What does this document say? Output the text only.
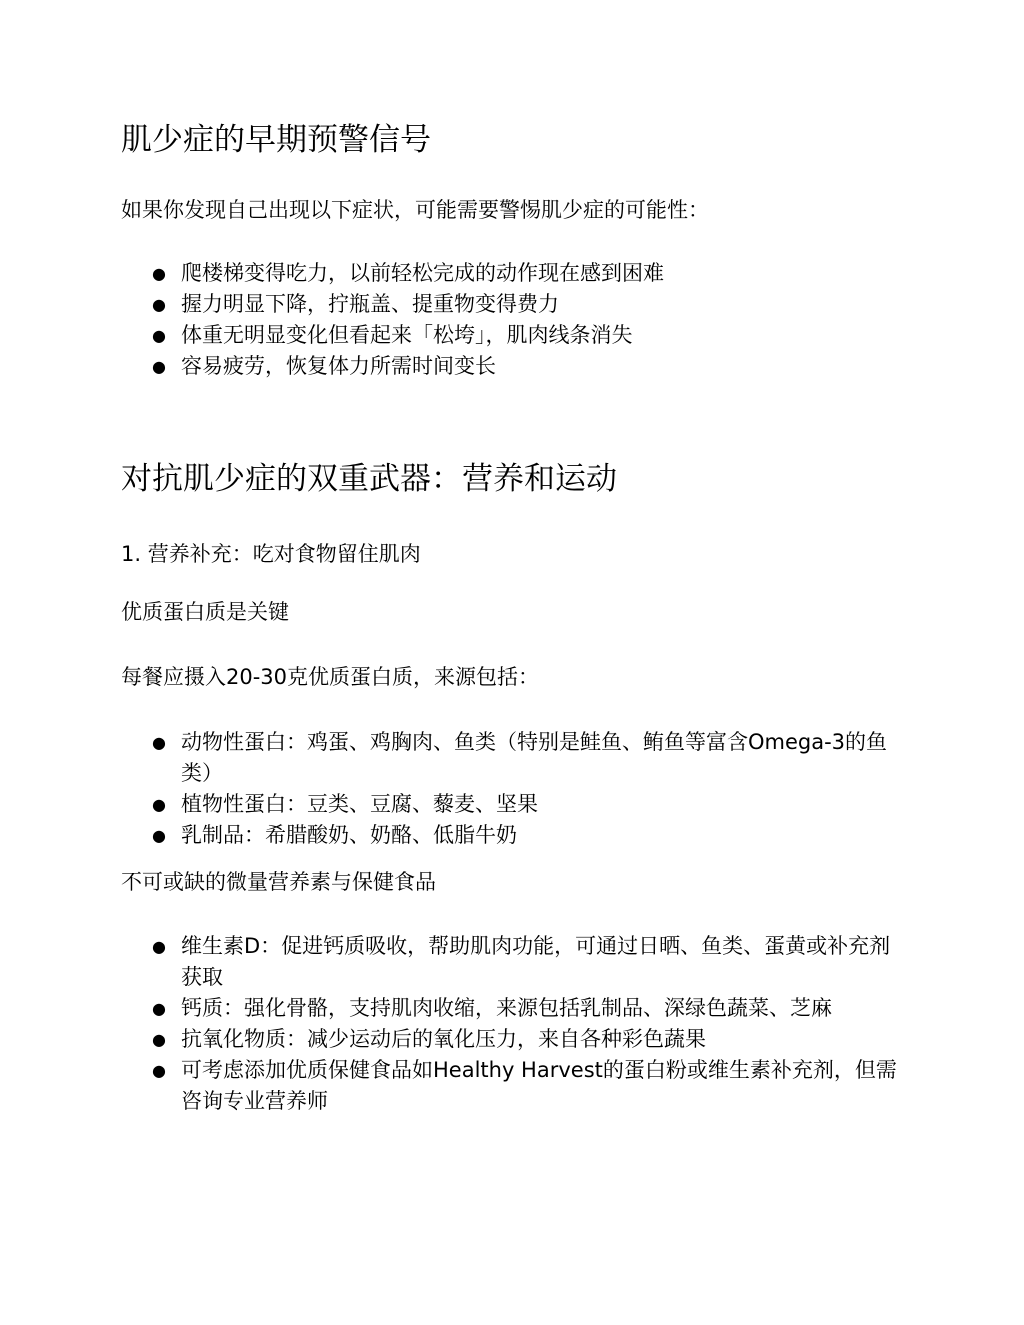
肌少症的早期预警信号

如果你发现自己出现以下症状，可能需要警惕肌少症的可能性：

● 爬楼梯变得吃力，以前轻松完成的动作现在感到困难
● 握力明显下降，拧瓶盖、提重物变得费力
● 体重无明显变化但看起来「松垮」，肌肉线条消失
● 容易疲劳，恢复体力所需时间变长
对抗肌少症的双重武器：营养和运动

1. 营养补充：吃对食物留住肌肉

优质蛋白质是关键

每餐应摄入20-30克优质蛋白质，来源包括：

● 动物性蛋白：鸡蛋、鸡胸肉、鱼类（特别是鲑鱼、鲔鱼等富含Omega-3的鱼类）
● 植物性蛋白：豆类、豆腐、藜麦、坚果
● 乳制品：希腊酸奶、奶酪、低脂牛奶

不可或缺的微量营养素与保健食品

● 维生素D：促进钙质吸收，帮助肌肉功能，可通过日晒、鱼类、蛋黄或补充剂获取
● 钙质：强化骨骼，支持肌肉收缩，来源包括乳制品、深绿色蔬菜、芝麻
● 抗氧化物质：减少运动后的氧化压力，来自各种彩色蔬果
● 可考虑添加优质保健食品如Healthy Harvest的蛋白粉或维生素补充剂，但需咨询专业营养师
